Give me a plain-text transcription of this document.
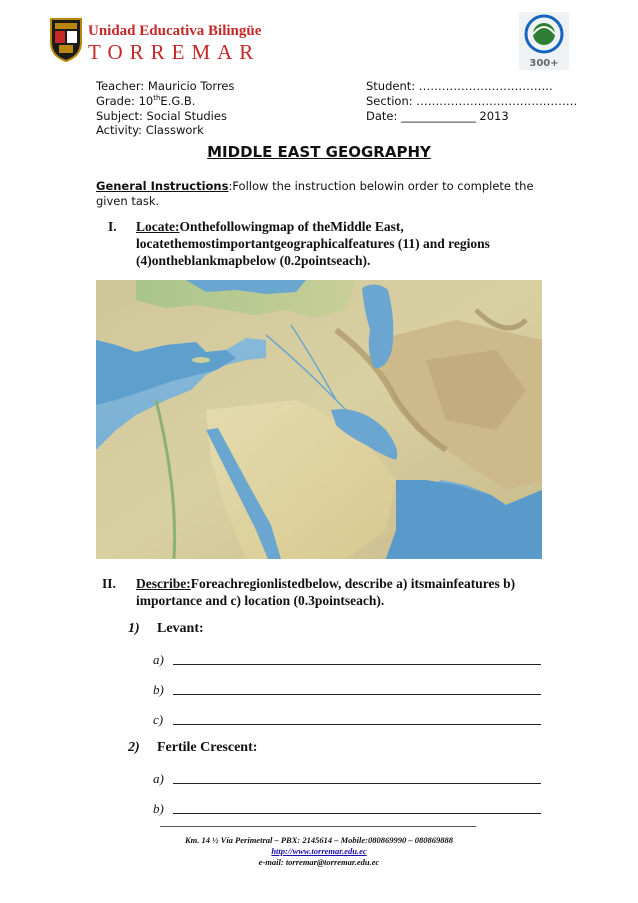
Unidad Educativa Bilingüe
TORREMAR	300+
Teacher: Mauricio Torres
Grade: 10thE.G.B.
Subject: Social Studies
Activity: Classwork
Student: ……………………………..
Section: ……………………………………
Date: _____________ 2013
MIDDLE EAST GEOGRAPHY
General Instructions:Follow the instruction belowin order to complete the given task.
I. Locate:Onthefollowingmap of theMiddle East,
locatethemostimportantgeographicalfeatures (11) and regions
(4)ontheblankmapbelow (0.2pointseach).
II. Describe:Foreachregionlistedbelow, describe a) itsmainfeatures b)
importance and c) location (0.3pointseach).
1) Levant:
a)
b)
c)
2) Fertile Crescent:
a)
b)
Km. 14 ½ Vía Perimetral – PBX: 2145614 – Mobile:080869990 – 080869888
http://www.torremar.edu.ec
e-mail: torremar@torremar.edu.ec
